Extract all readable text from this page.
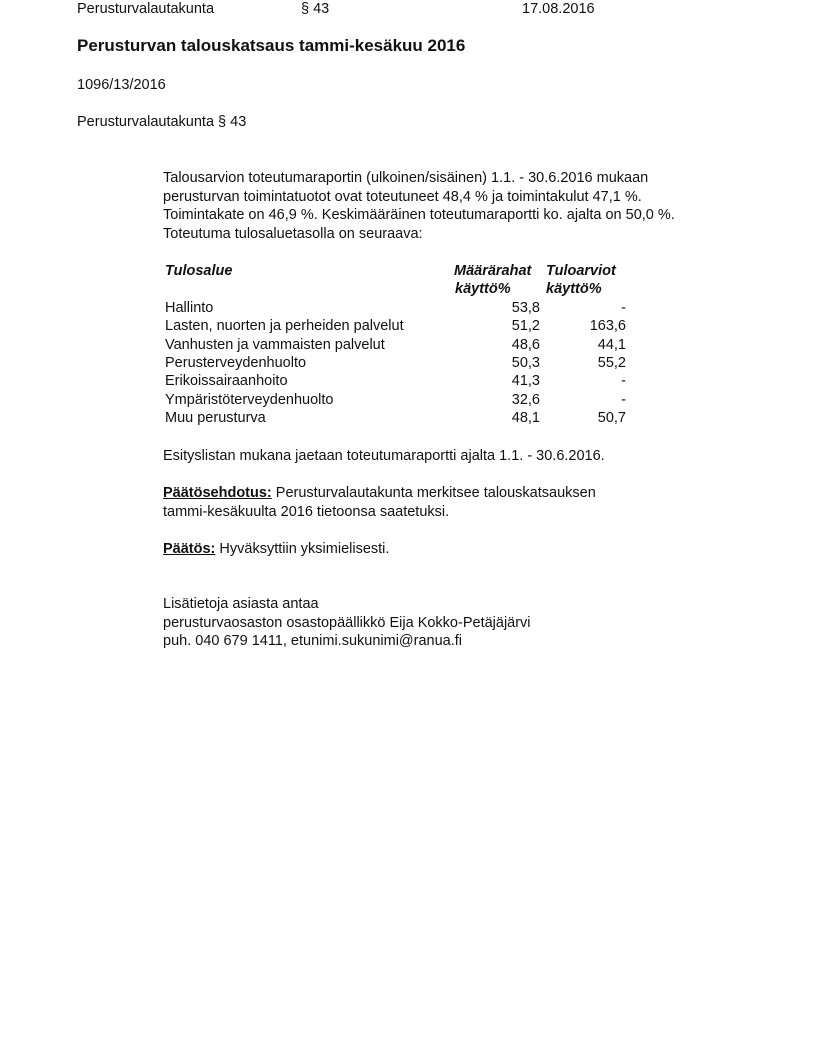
Perusturvalautakunta	§ 43	17.08.2016
Perusturvan talouskatsaus tammi-kesäkuu 2016
1096/13/2016
Perusturvalautakunta § 43
Talousarvion toteutumaraportin (ulkoinen/sisäinen) 1.1. - 30.6.2016 mukaan
perusturvan toimintatuotot ovat toteutuneet 48,4 % ja toimintakulut 47,1 %.
Toimintakate on 46,9 %. Keskimääräinen toteutumaraportti ko. ajalta on 50,0 %.
Toteutuma tulosaluetasolla on seuraava:
Tulosalue	Määrärahat	Tuloarviot
	käyttö%	käyttö%
Hallinto	53,8	-
Lasten, nuorten ja perheiden palvelut	51,2	163,6
Vanhusten ja vammaisten palvelut	48,6	44,1
Perusterveydenhuolto	50,3	55,2
Erikoissairaanhoito	41,3	-
Ympäristöterveydenhuolto	32,6	-
Muu perusturva	48,1	50,7
Esityslistan mukana jaetaan toteutumaraportti ajalta 1.1. - 30.6.2016.
Päätösehdotus: Perusturvalautakunta merkitsee talouskatsauksen
tammi-kesäkuulta 2016 tietoonsa saatetuksi.
Päätös: Hyväksyttiin yksimielisesti.
Lisätietoja asiasta antaa
perusturvaosaston osastopäällikkö Eija Kokko-Petäjäjärvi
puh. 040 679 1411, etunimi.sukunimi@ranua.fi
